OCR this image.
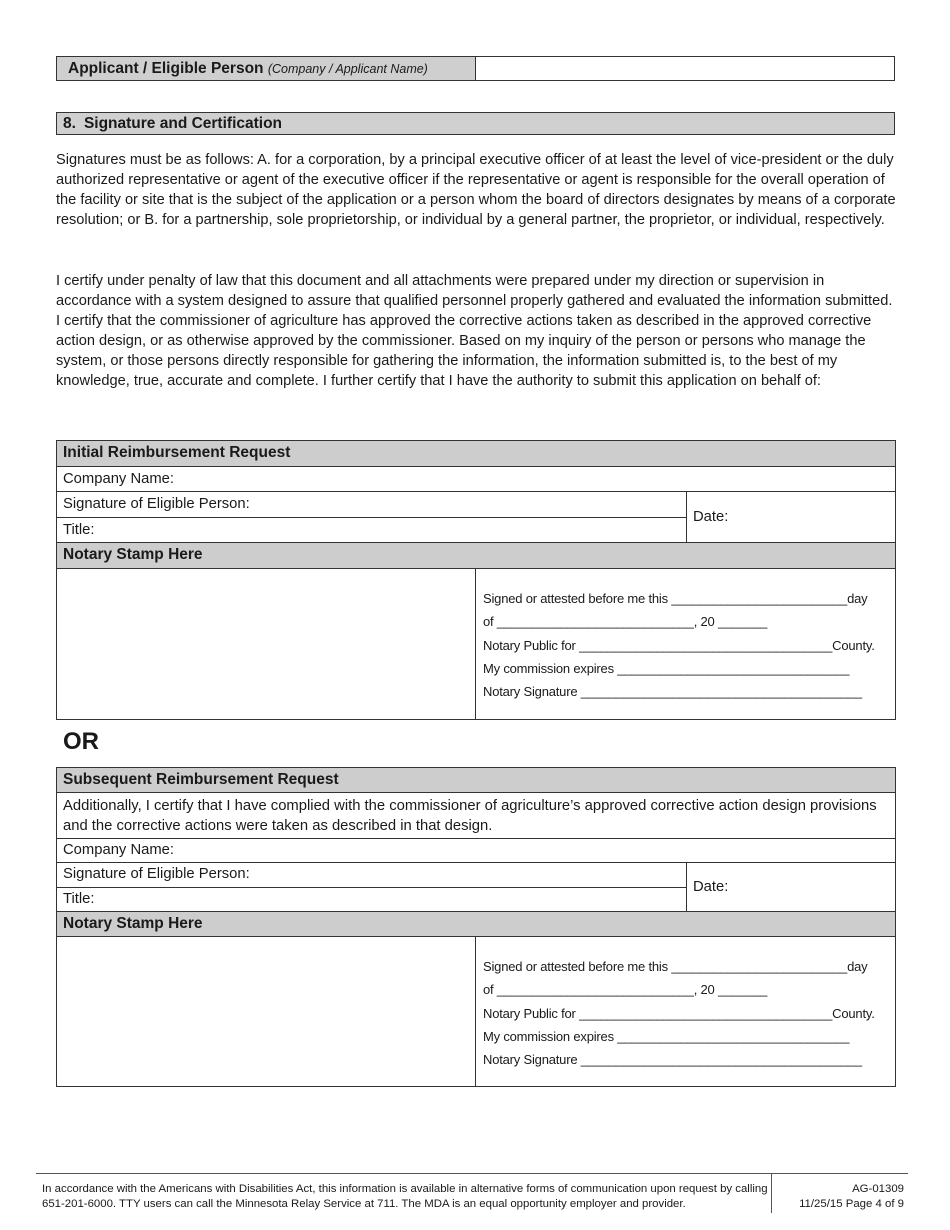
Applicant / Eligible Person (Company / Applicant Name)
8. Signature and Certification
Signatures must be as follows: A. for a corporation, by a principal executive officer of at least the level of vice-president or the duly authorized representative or agent of the executive officer if the representative or agent is responsible for the overall operation of the facility or site that is the subject of the application or a person whom the board of directors designates by means of a corporate resolution; or B. for a partnership, sole proprietorship, or individual by a general partner, the proprietor, or individual, respectively.
I certify under penalty of law that this document and all attachments were prepared under my direction or supervision in accordance with a system designed to assure that qualified personnel properly gathered and evaluated the information submitted. I certify that the commissioner of agriculture has approved the corrective actions taken as described in the approved corrective action design, or as otherwise approved by the commissioner. Based on my inquiry of the person or persons who manage the system, or those persons directly responsible for gathering the information, the information submitted is, to the best of my knowledge, true, accurate and complete. I further certify that I have the authority to submit this application on behalf of:
Initial Reimbursement Request
Company Name:
Signature of Eligible Person:
Title:
Date:
Notary Stamp Here
Signed or attested before me this _________________________day
of ____________________________, 20 _______
Notary Public for ____________________________________County.
My commission expires _________________________________
Notary Signature ________________________________________
OR
Subsequent Reimbursement Request
Additionally, I certify that I have complied with the commissioner of agriculture’s approved corrective action design provisions and the corrective actions were taken as described in that design.
Company Name:
Signature of Eligible Person:
Title:
Date:
Notary Stamp Here
Signed or attested before me this _________________________day
of ____________________________, 20 _______
Notary Public for ____________________________________County.
My commission expires _________________________________
Notary Signature ________________________________________
In accordance with the Americans with Disabilities Act, this information is available in alternative forms of communication upon request by calling
651-201-6000. TTY users can call the Minnesota Relay Service at 711. The MDA is an equal opportunity employer and provider.
AG-01309
11/25/15 Page 4 of 9
